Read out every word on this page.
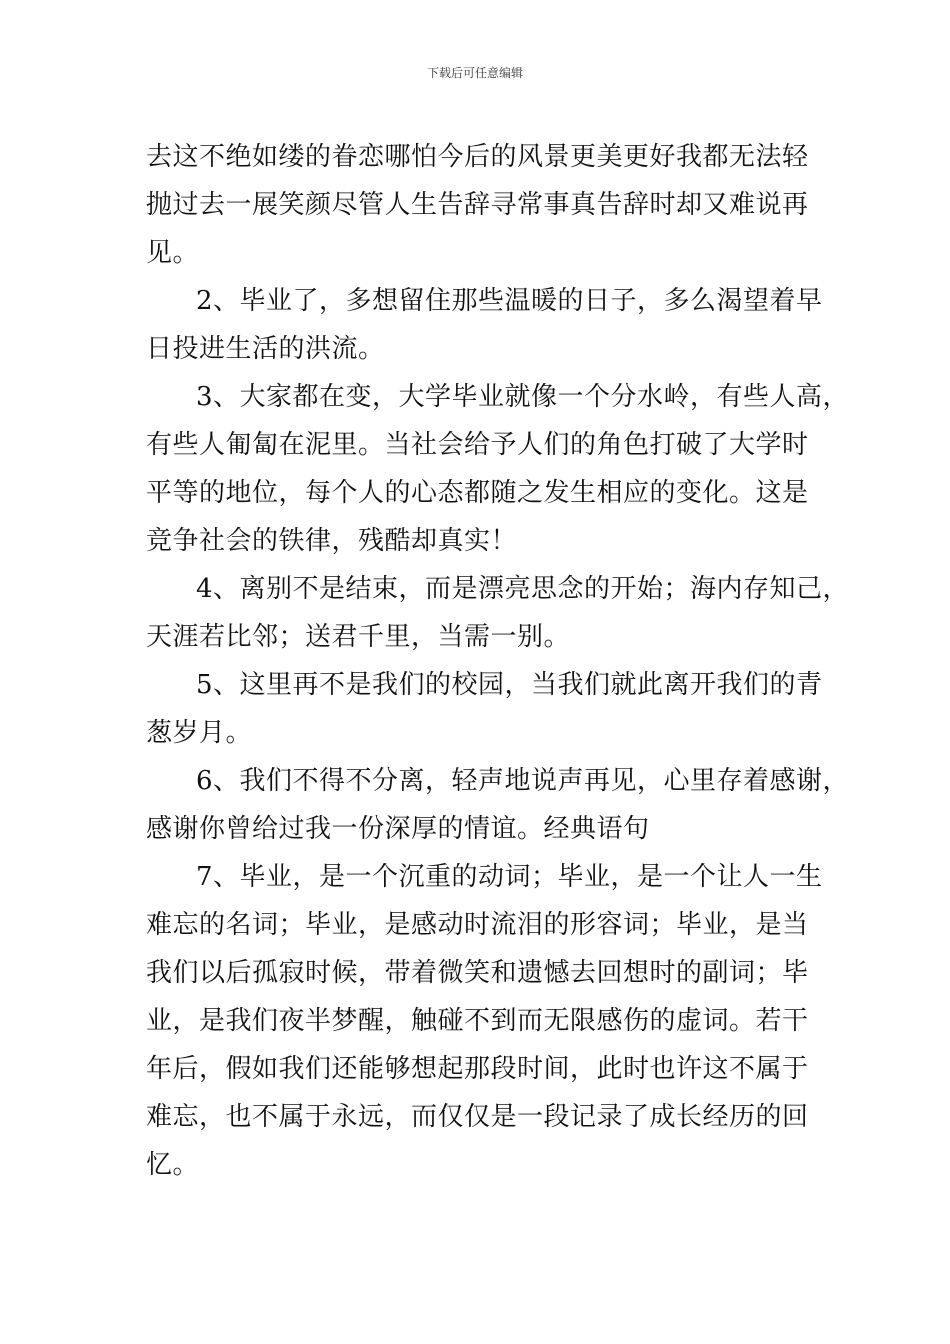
下载后可任意编辑

去这不绝如缕的眷恋哪怕今后的风景更美更好我都无法轻
抛过去一展笑颜尽管人生告辞寻常事真告辞时却又难说再
见。

2、毕业了，多想留住那些温暖的日子，多么渴望着早
日投进生活的洪流。

3、大家都在变，大学毕业就像一个分水岭，有些人高，
有些人匍匐在泥里。当社会给予人们的角色打破了大学时
平等的地位，每个人的心态都随之发生相应的变化。这是
竞争社会的铁律，残酷却真实！

4、离别不是结束，而是漂亮思念的开始；海内存知己，
天涯若比邻；送君千里，当需一别。

5、这里再不是我们的校园，当我们就此离开我们的青
葱岁月。

6、我们不得不分离，轻声地说声再见，心里存着感谢，
感谢你曾给过我一份深厚的情谊。经典语句

7、毕业，是一个沉重的动词；毕业，是一个让人一生
难忘的名词；毕业，是感动时流泪的形容词；毕业，是当
我们以后孤寂时候，带着微笑和遗憾去回想时的副词；毕
业，是我们夜半梦醒，触碰不到而无限感伤的虚词。若干
年后，假如我们还能够想起那段时间，此时也许这不属于
难忘，也不属于永远，而仅仅是一段记录了成长经历的回
忆。
